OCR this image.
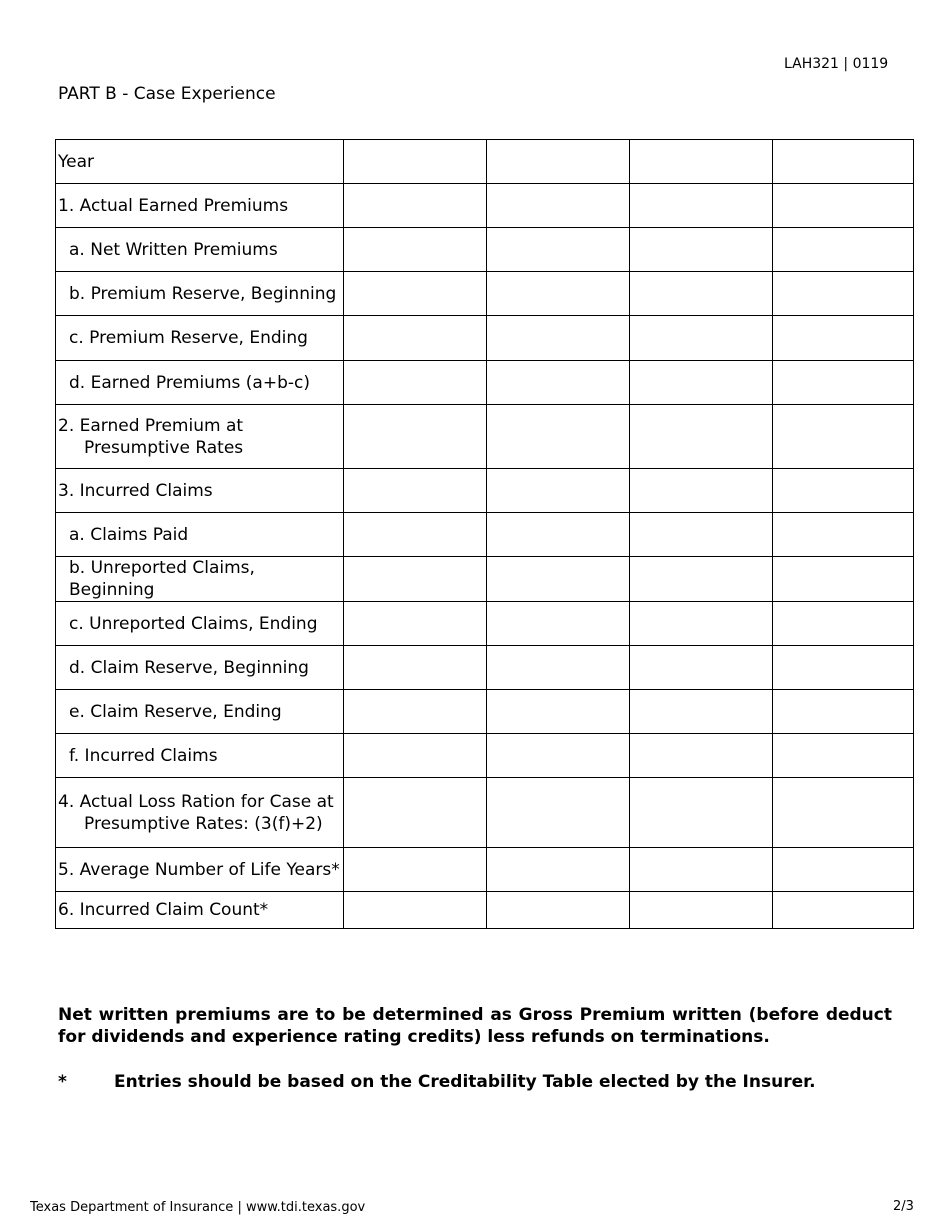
LAH321 | 0119
PART B - Case Experience
Year				
1. Actual Earned Premiums				
a. Net Written Premiums				
b. Premium Reserve, Beginning				
c. Premium Reserve, Ending				
d. Earned Premiums (a+b-c)				
2. Earned Premium at
Presumptive Rates				
3. Incurred Claims				
a. Claims Paid				
b. Unreported Claims, Beginning				
c. Unreported Claims, Ending				
d. Claim Reserve, Beginning				
e. Claim Reserve, Ending				
f. Incurred Claims				
4. Actual Loss Ration for Case at
Presumptive Rates: (3(f)+2)				
5. Average Number of Life Years*				
6. Incurred Claim Count*				
Net written premiums are to be determined as Gross Premium written (before deduct for dividends and experience rating credits) less refunds on terminations.
*	Entries should be based on the Creditability Table elected by the Insurer.
Texas Department of Insurance | www.tdi.texas.gov	2/3
